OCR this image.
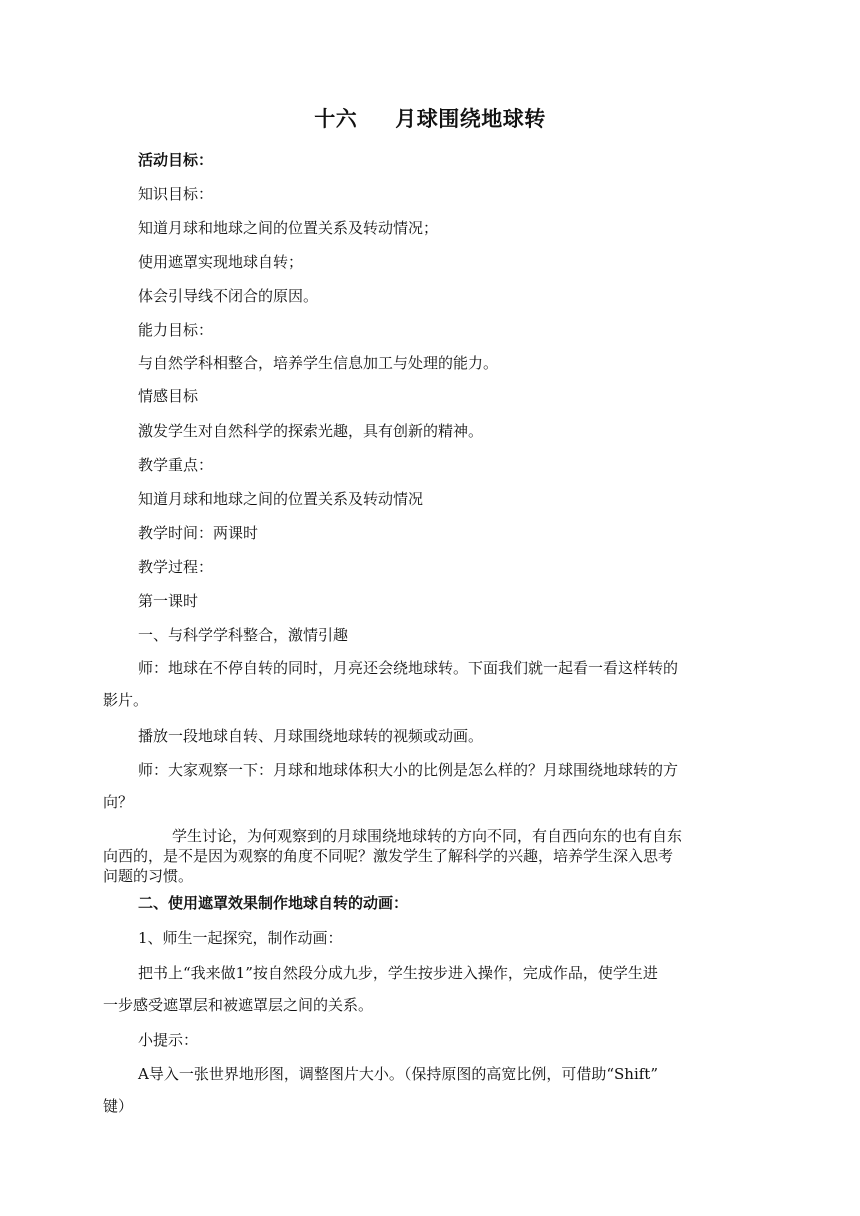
十六 月球围绕地球转
活动目标：
知识目标：
知道月球和地球之间的位置关系及转动情况；
使用遮罩实现地球自转；
体会引导线不闭合的原因。
能力目标：
与自然学科相整合，培养学生信息加工与处理的能力。
情感目标
激发学生对自然科学的探索光趣，具有创新的精神。
教学重点：
知道月球和地球之间的位置关系及转动情况
教学时间：两课时
教学过程：
第一课时
一、与科学学科整合，激情引趣
师：地球在不停自转的同时，月亮还会绕地球转。下面我们就一起看一看这样转的
影片。
播放一段地球自转、月球围绕地球转的视频或动画。
师：大家观察一下：月球和地球体积大小的比例是怎么样的？月球围绕地球转的方
向？
学生讨论，为何观察到的月球围绕地球转的方向不同，有自西向东的也有自东
向西的，是不是因为观察的角度不同呢？激发学生了解科学的兴趣，培养学生深入思考
问题的习惯。
二、使用遮罩效果制作地球自转的动画：
1、师生一起探究，制作动画：
把书上“我来做1”按自然段分成九步，学生按步进入操作，完成作品，使学生进
一步感受遮罩层和被遮罩层之间的关系。
小提示：
A导入一张世界地形图，调整图片大小。（保持原图的高宽比例，可借助“Shift”
键）
